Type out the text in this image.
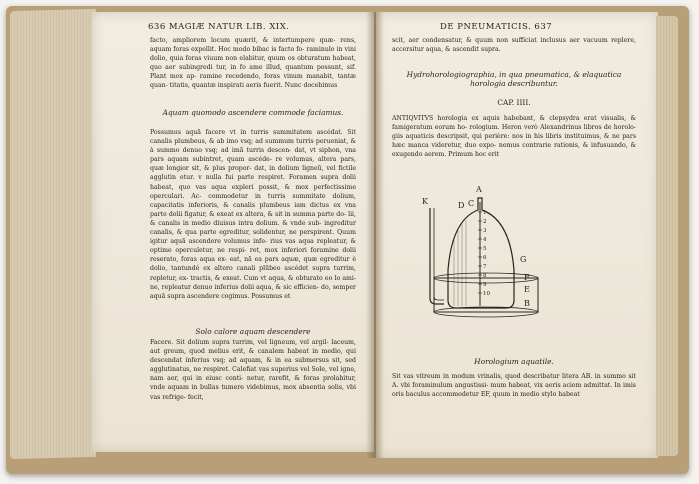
636 MAGIÆ NATUR LIB. XIX.
facto, ampliorem locum quærit, & intertumpere quæ- rens, aquam foras expellit. Hoc modo bibac is facto fo- raminulo in vini dolio, quia foras viuum non elabitur, quum os obturatum habeat, quo aer subingredi tur, in fo ame illud, quantum possunt, sif. Plant mox ap- ramine recedendo, foras vinum manabit, tantæ quan- titatis, quantæ inspirati aeris fuerit. Nunc docebimus
Aquam quomodo ascendere commode faciamus.
Possumus aquã facere vt in turris summitatem ascédat. Sit canalis plumbeus, & ab imo vsq; ad summum turris perueniat, & à summo denuo vsq; ad imã turris descen- dat, vt siphon, vna pars aquam subintret, quam ascéde- re volumus, altera pars, quæ longior sit, & plus propor- dat, in dolium ligneũ, vel fictile agglutin etur. v nulla fui parte respiret. Foramen supra dolii habeat, quo vas aqua explerí possit, & mox perfectissime operculari. Ac- commodetur in turris summitate dolium, capacitatis inferioris, & canalis plumbeus iam dictus ex vna parte dolii figatur, & exeat ex altera, & sit in summa parte do- lii, & canalis in medio diuisus intra dolium. & vnde sub- ingreditur canalis, & qua parte egreditur, solidentur, ne perspirent. Quum igitur aquã ascendere volumus infe- rius vas aqua repleatur, & optime operculetur, ne respi- ret, mox inferiori foramine dolii reserato, foras aqua ex- eat, nã ea pars aquæ, quæ egreditur è dolio, tantundé ex altero canali plũbeo ascédet supra turrim, repletur, ex- tractis, & exeat. Cum vt aqua, & obturato eo lo ami- ne, repleatur denuo inferius dolii aqua, & sic efficien- do, semper aquã supra ascendere cogimus. Possumus et
Solo calore aquam descendere
Facere. Sit dolium supra turrim, vel ligneum, vel argil- laceum, aut greum, quod melius erit, & canalem habeat in medio, qui descendat inferius vsq; ad aquam, & in ea submersus sit, sed agglutinatus, ne respiret. Calefiat vas superius vel Sole, vel igne, nam aer, qui in eiusc conti- netur, rarefit, & foras prolabitur, vnde aquam in bullas tumere videbimus, mox absentia solis, vbi vas refrige- fecit,
DE PNEUMATICIS. 637
scit, aer condensatur, & quum non sufficiat inclusus aer vacuum replere, accersitur aqua, & ascendit supra.
Hydrohorologiographia, in qua pneumatica, & elaquatica horologia describuntur.
CAP. IIII.
ANTIQVITVS horologia ex aquis habebant, & clepsydra erat visualis, & famigeratum eorum ho- rologium. Heron verò Alexandrinus libros de horolo- giis aquaticis descripsit, qui perière: nos in his libris instituimus, & ne pars hæc manca videretur, duo expo- nemus contrarie rationis, & infusuando, & exugendo aerem. Primum hoc erit
1
2
3
4
5
6
7
8
9
10
A
K	D C
G
F
E
B
Horologium aquatile.
Sit vas vitreum in modum vrinalis, quod describatur litera AB. in summo sit A. vbi foraminulum angustissi- mum habeat, vix aeris aciem admittat. In imis oris baculus accommodetur EF, quum in medio stylo habeat
